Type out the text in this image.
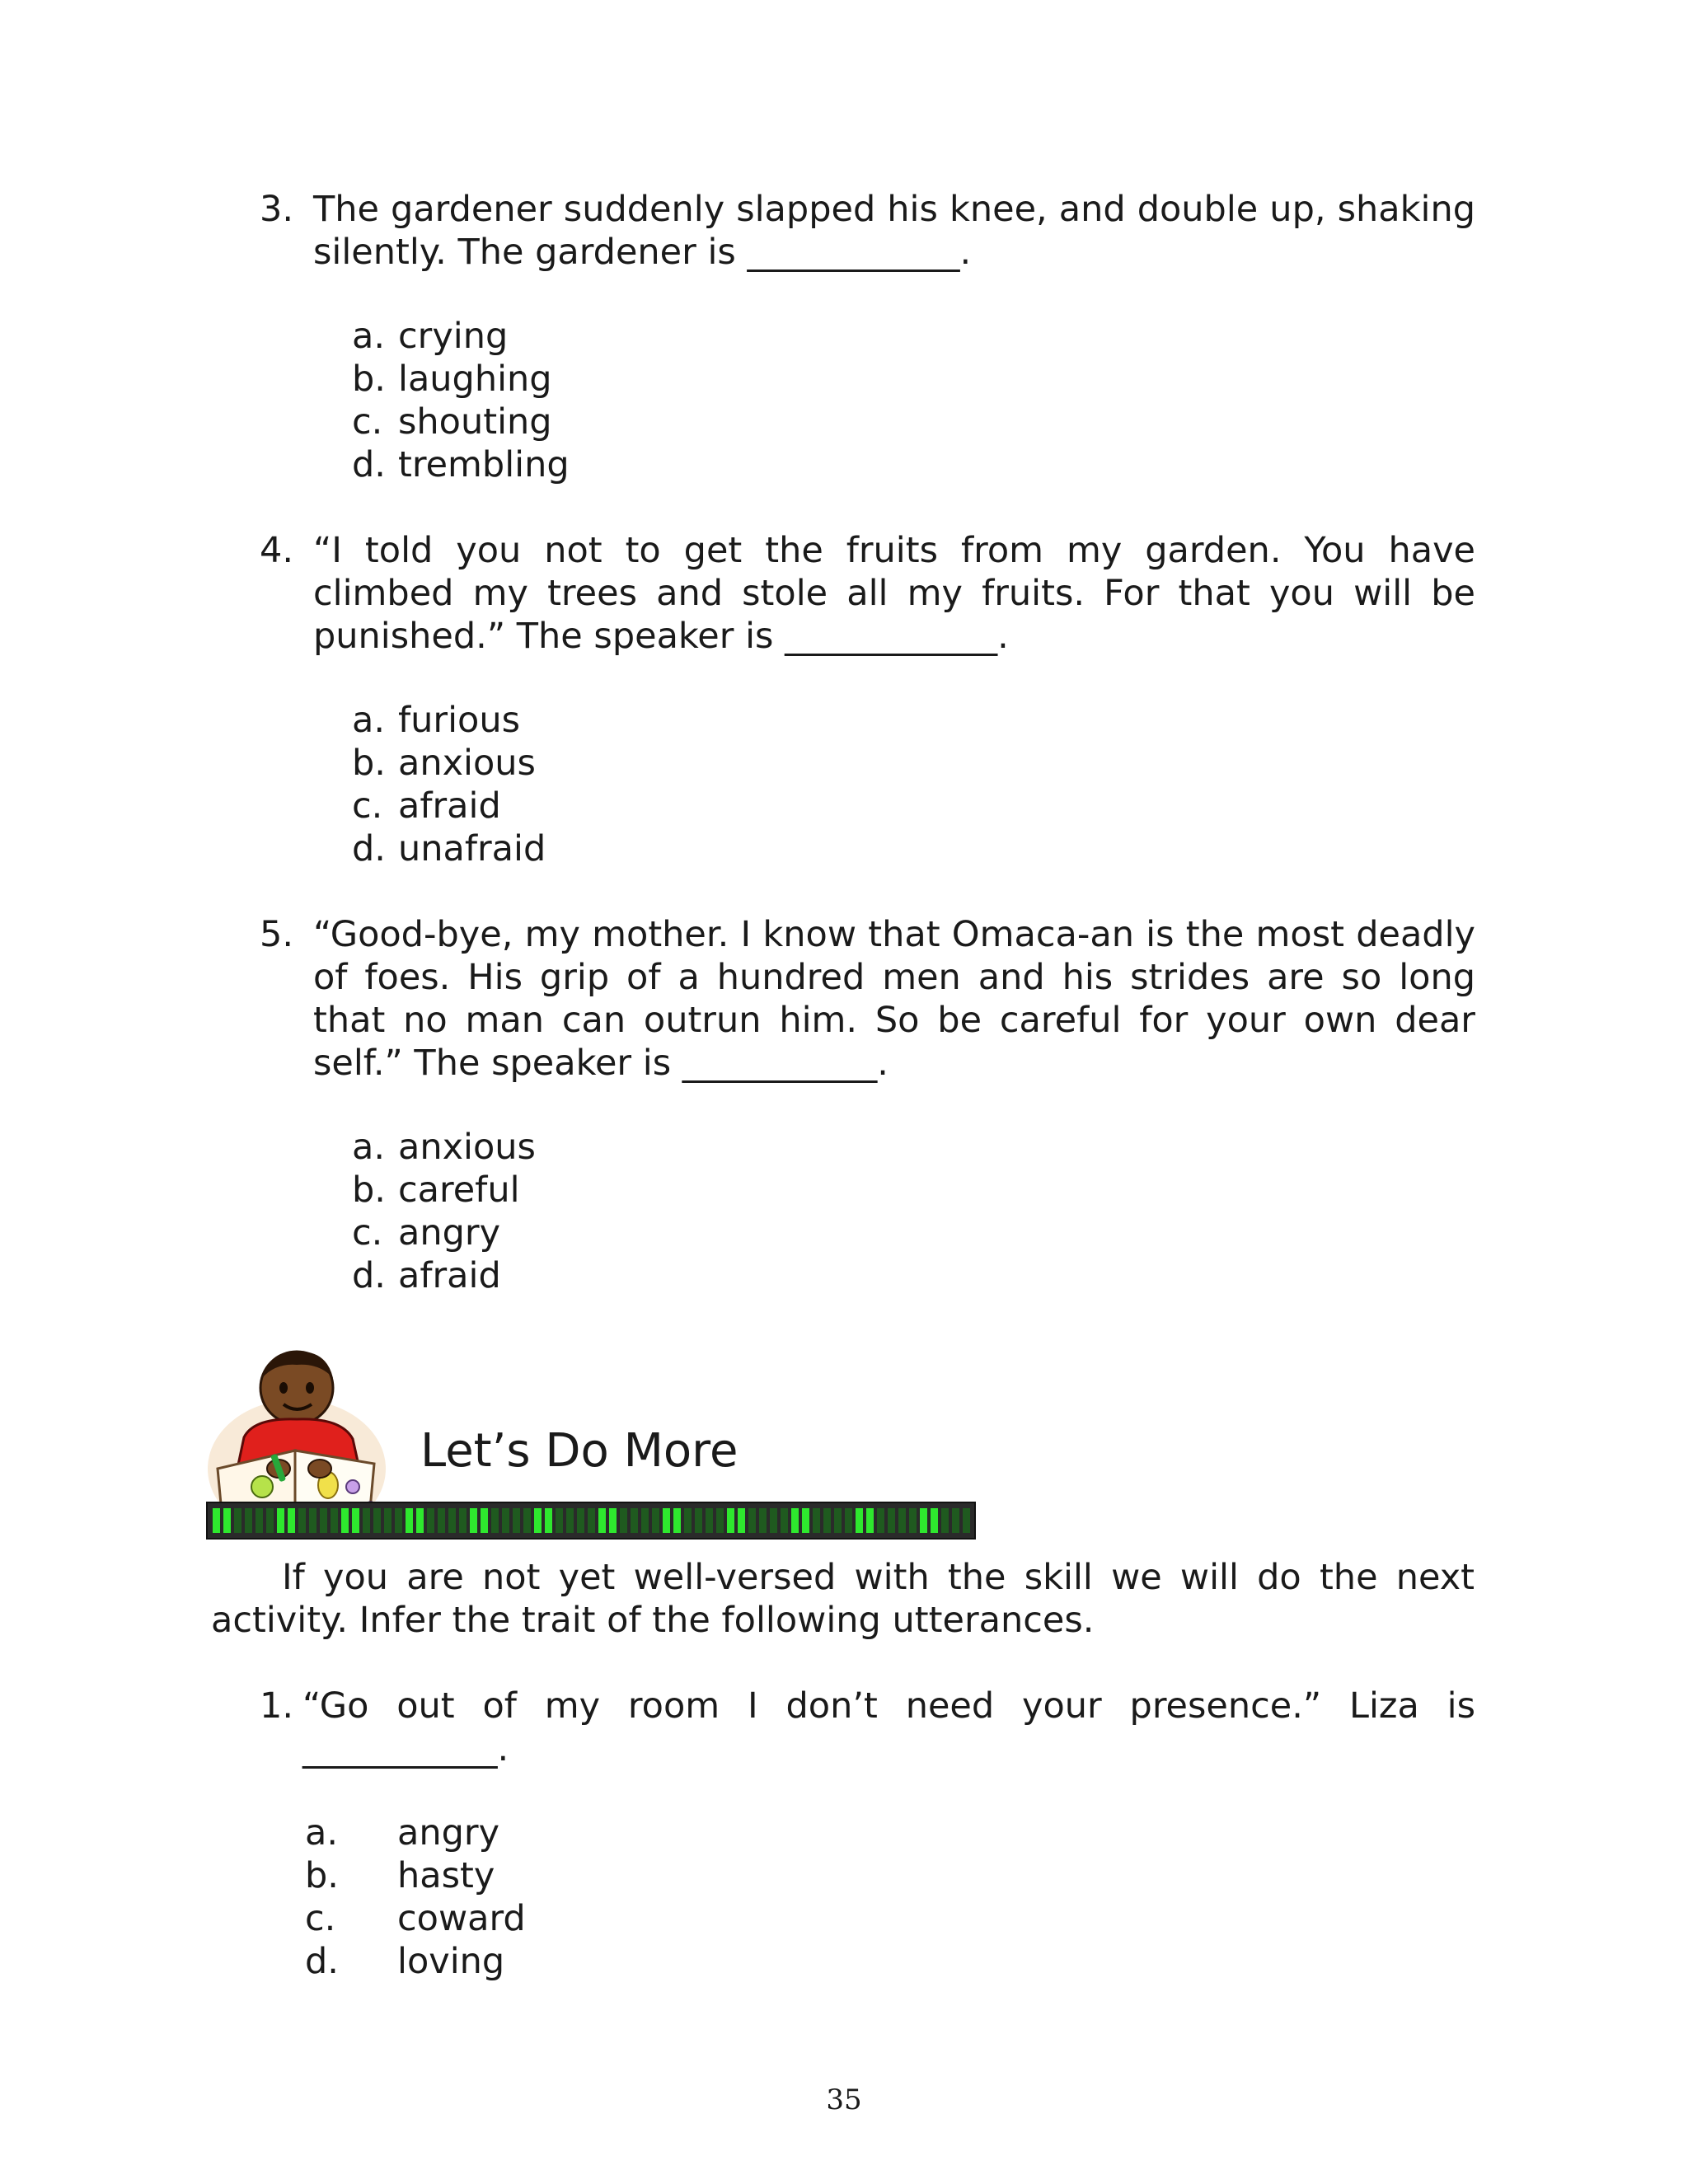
3. The gardener suddenly slapped his knee, and double up, shaking
silently. The gardener is ____________.
a. crying
b. laughing
c. shouting
d. trembling
4. “I told you not to get the fruits from my garden. You have
climbed my trees and stole all my fruits. For that you will be
punished.” The speaker is ____________.
a. furious
b. anxious
c. afraid
d. unafraid
5. “Good-bye, my mother. I know that Omaca-an is the most deadly
of foes. His grip of a hundred men and his strides are so long
that no man can outrun him. So be careful for your own dear
self.” The speaker is ___________.
a. anxious
b. careful
c. angry
d. afraid
Let’s Do More
If you are not yet well-versed with the skill we will do the next
activity. Infer the trait of the following utterances.
1. “Go out of my room I don’t need your presence.” Liza is
___________.
a. angry
b. hasty
c. coward
d. loving
35
